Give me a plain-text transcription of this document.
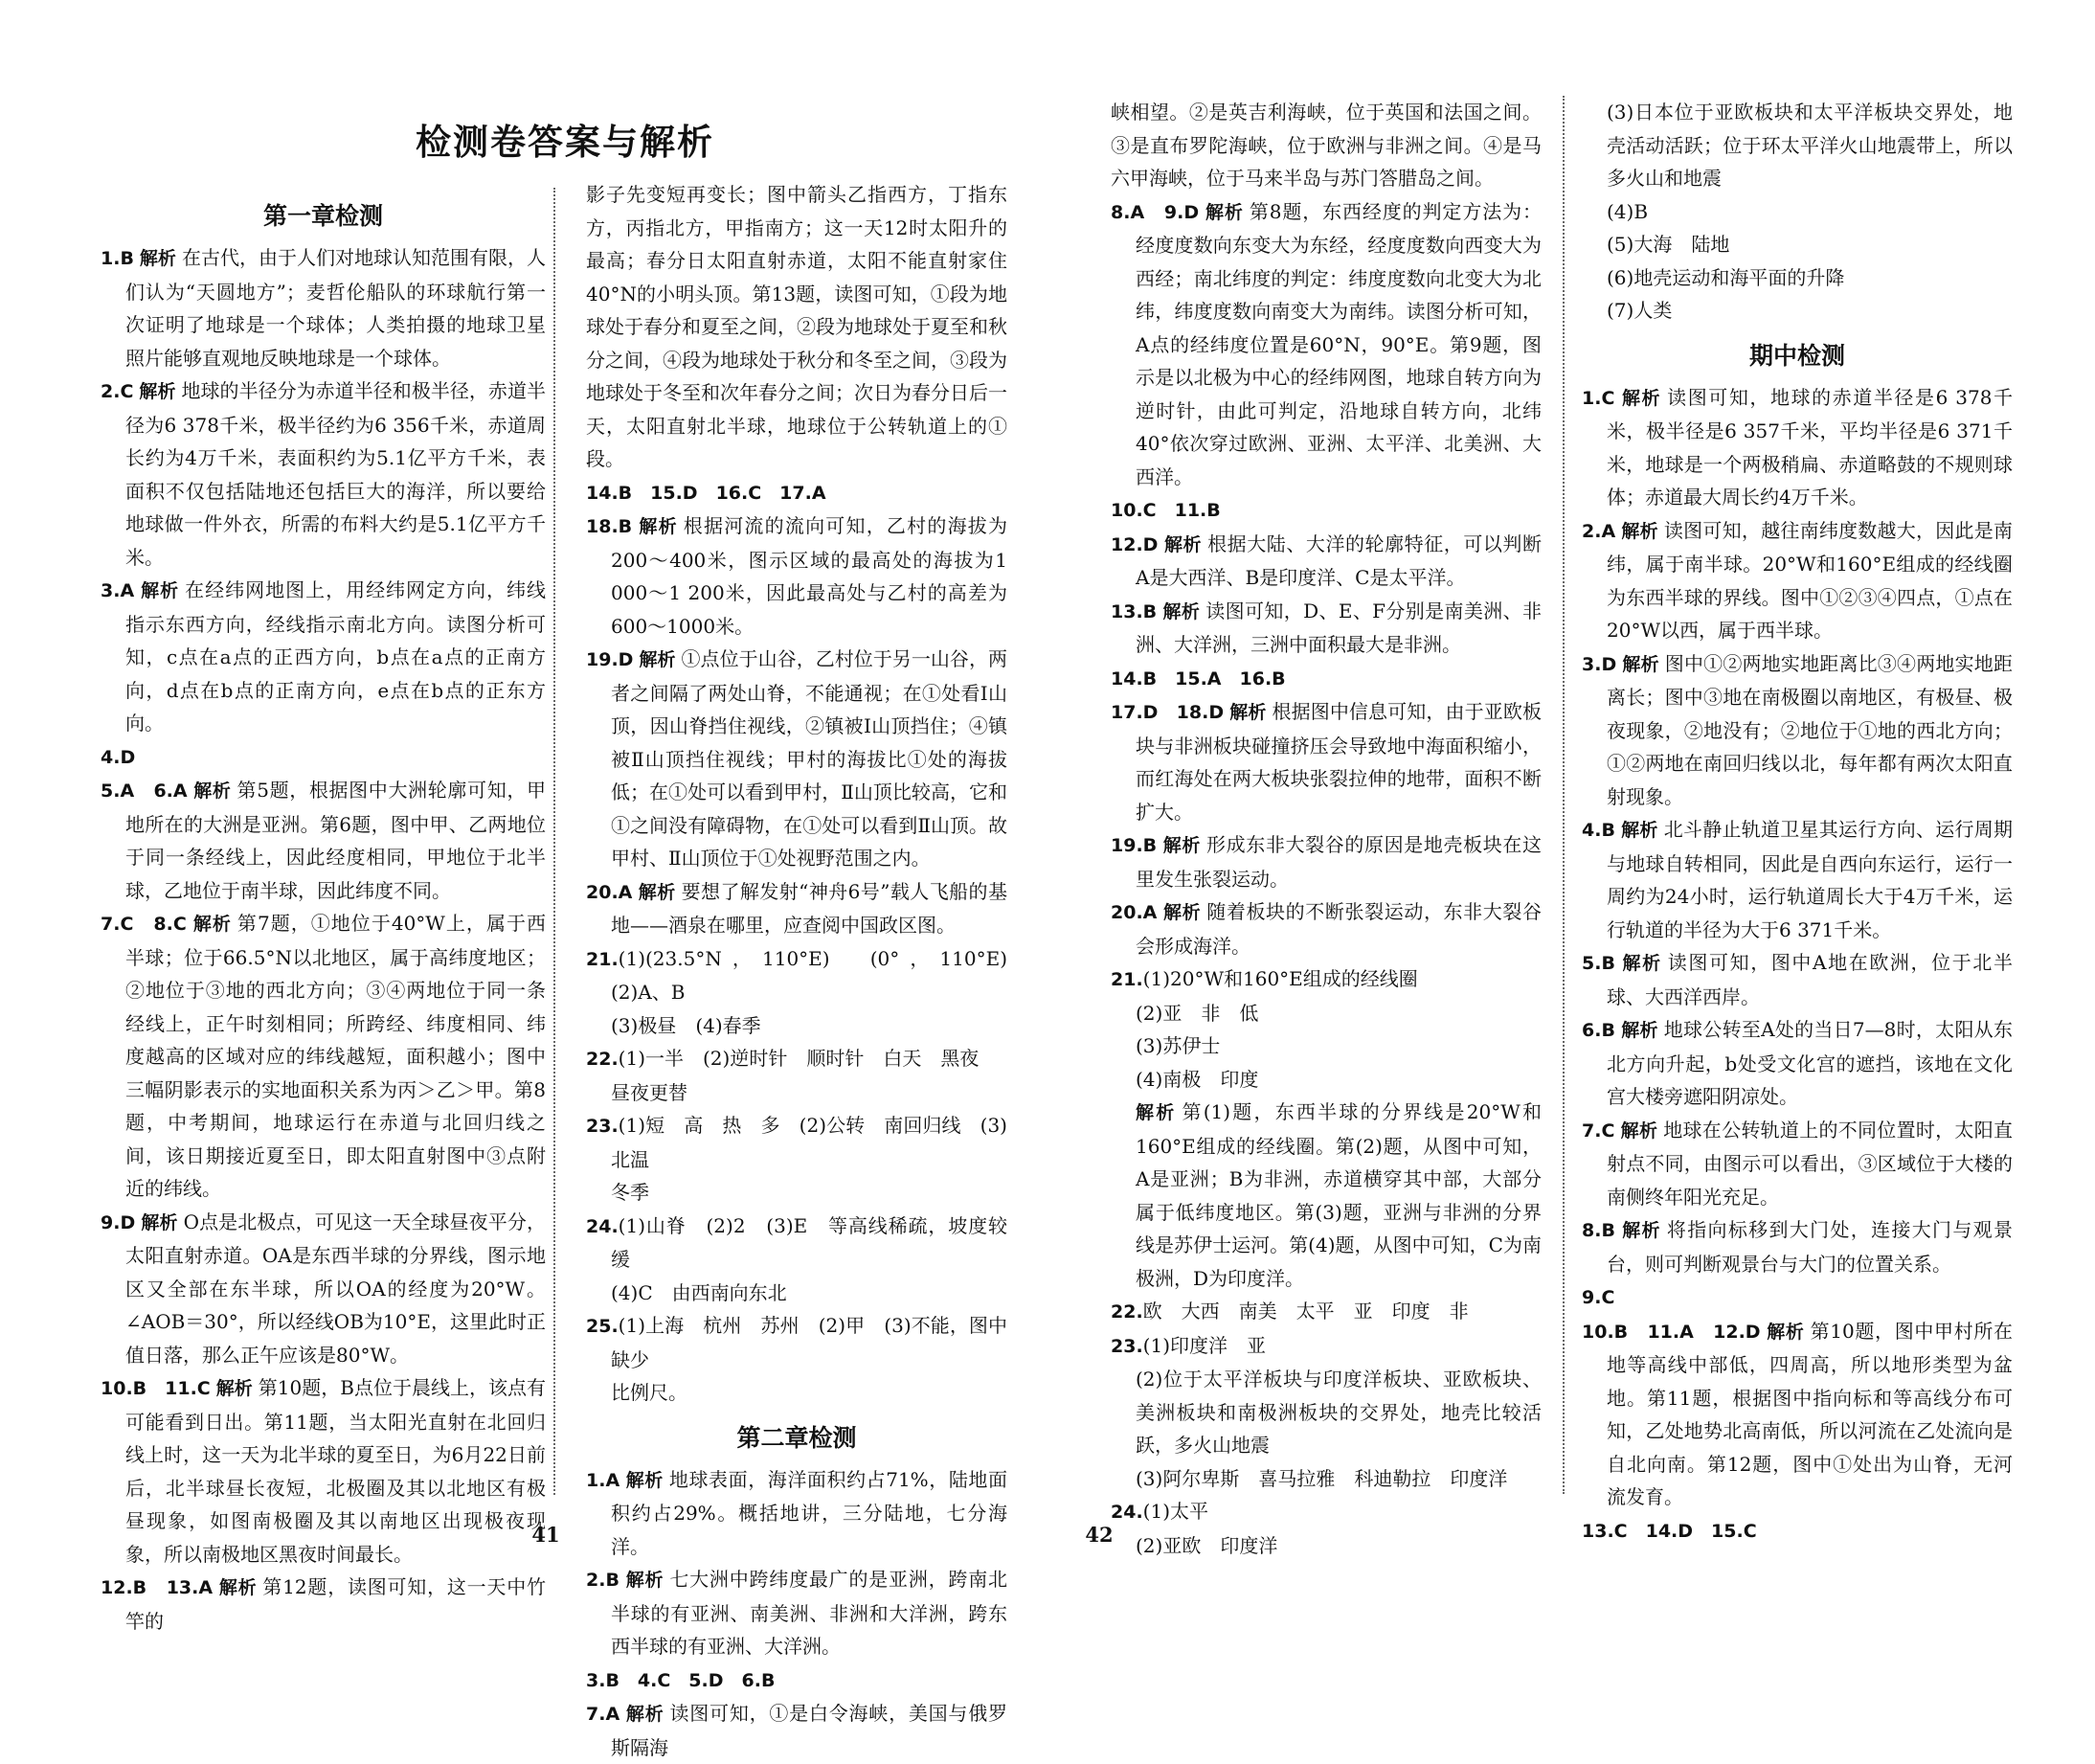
检测卷答案与解析
第一章检测

1.B 解析 在古代，由于人们对地球认知范围有限，人们认为“天圆地方”；麦哲伦船队的环球航行第一次证明了地球是一个球体；人类拍摄的地球卫星照片能够直观地反映地球是一个球体。

2.C 解析 地球的半径分为赤道半径和极半径，赤道半径为6 378千米，极半径约为6 356千米，赤道周长约为4万千米，表面积约为5.1亿平方千米，表面积不仅包括陆地还包括巨大的海洋，所以要给地球做一件外衣，所需的布料大约是5.1亿平方千米。

3.A 解析 在经纬网地图上，用经纬网定方向，纬线指示东西方向，经线指示南北方向。读图分析可知，c点在a点的正西方向，b点在a点的正南方向，d点在b点的正南方向，e点在b点的正东方向。

4.D

5.A　6.A 解析 第5题，根据图中大洲轮廓可知，甲地所在的大洲是亚洲。第6题，图中甲、乙两地位于同一条经线上，因此经度相同，甲地位于北半球，乙地位于南半球，因此纬度不同。

7.C　8.C 解析 第7题，①地位于40°W上，属于西半球；位于66.5°N以北地区，属于高纬度地区；②地位于③地的西北方向；③④两地位于同一条经线上，正午时刻相同；所跨经、纬度相同、纬度越高的区域对应的纬线越短，面积越小；图中三幅阴影表示的实地面积关系为丙＞乙＞甲。第8题，中考期间，地球运行在赤道与北回归线之间，该日期接近夏至日，即太阳直射图中③点附近的纬线。

9.D 解析 O点是北极点，可见这一天全球昼夜平分，太阳直射赤道。OA是东西半球的分界线，图示地区又全部在东半球，所以OA的经度为20°W。∠AOB＝30°，所以经线OB为10°E，这里此时正值日落，那么正午应该是80°W。

10.B　11.C 解析 第10题，B点位于晨线上，该点有可能看到日出。第11题，当太阳光直射在北回归线上时，这一天为北半球的夏至日，为6月22日前后，北半球昼长夜短，北极圈及其以北地区有极昼现象，如图南极圈及其以南地区出现极夜现象，所以南极地区黑夜时间最长。

12.B　13.A 解析 第12题，读图可知，这一天中竹竿的

影子先变短再变长；图中箭头乙指西方，丁指东方，丙指北方，甲指南方；这一天12时太阳升的最高；春分日太阳直射赤道，太阳不能直射家住40°N的小明头顶。第13题，读图可知，①段为地球处于春分和夏至之间，②段为地球处于夏至和秋分之间，④段为地球处于秋分和冬至之间，③段为地球处于冬至和次年春分之间；次日为春分日后一天，太阳直射北半球，地球位于公转轨道上的①段。

14.B　15.D　16.C　17.A

18.B 解析 根据河流的流向可知，乙村的海拔为200～400米，图示区域的最高处的海拔为1 000～1 200米，因此最高处与乙村的高差为600～1000米。

19.D 解析 ①点位于山谷，乙村位于另一山谷，两者之间隔了两处山脊，不能通视；在①处看Ⅰ山顶，因山脊挡住视线，②镇被Ⅰ山顶挡住；④镇被Ⅱ山顶挡住视线；甲村的海拔比①处的海拔低；在①处可以看到甲村，Ⅱ山顶比较高，它和①之间没有障碍物，在①处可以看到Ⅱ山顶。故甲村、Ⅱ山顶位于①处视野范围之内。

20.A 解析 要想了解发射“神舟6号”载人飞船的基地——酒泉在哪里，应查阅中国政区图。

21.(1)(23.5°N，110°E)　(0°，110°E)　(2)A、B

(3)极昼　(4)春季

22.(1)一半　(2)逆时针　顺时针　白天　黑夜

昼夜更替

23.(1)短　高　热　多　(2)公转　南回归线　(3)北温

冬季

24.(1)山脊　(2)2　(3)E　等高线稀疏，坡度较缓

(4)C　由西南向东北

25.(1)上海　杭州　苏州　(2)甲　(3)不能，图中缺少

比例尺。

第二章检测

1.A 解析 地球表面，海洋面积约占71%，陆地面积约占29%。概括地讲，三分陆地，七分海洋。

2.B 解析 七大洲中跨纬度最广的是亚洲，跨南北半球的有亚洲、南美洲、非洲和大洋洲，跨东西半球的有亚洲、大洋洲。

3.B　4.C　5.D　6.B

7.A 解析 读图可知，①是白令海峡，美国与俄罗斯隔海

41

峡相望。②是英吉利海峡，位于英国和法国之间。③是直布罗陀海峡，位于欧洲与非洲之间。④是马六甲海峡，位于马来半岛与苏门答腊岛之间。

8.A　9.D 解析 第8题，东西经度的判定方法为：经度度数向东变大为东经，经度度数向西变大为西经；南北纬度的判定：纬度度数向北变大为北纬，纬度度数向南变大为南纬。读图分析可知，A点的经纬度位置是60°N，90°E。第9题，图示是以北极为中心的经纬网图，地球自转方向为逆时针，由此可判定，沿地球自转方向，北纬40°依次穿过欧洲、亚洲、太平洋、北美洲、大西洋。

10.C　11.B

12.D 解析 根据大陆、大洋的轮廓特征，可以判断A是大西洋、B是印度洋、C是太平洋。

13.B 解析 读图可知，D、E、F分别是南美洲、非洲、大洋洲，三洲中面积最大是非洲。

14.B　15.A　16.B

17.D　18.D 解析 根据图中信息可知，由于亚欧板块与非洲板块碰撞挤压会导致地中海面积缩小，而红海处在两大板块张裂拉伸的地带，面积不断扩大。

19.B 解析 形成东非大裂谷的原因是地壳板块在这里发生张裂运动。

20.A 解析 随着板块的不断张裂运动，东非大裂谷会形成海洋。

21.(1)20°W和160°E组成的经线圈

(2)亚　非　低

(3)苏伊士

(4)南极　印度

解析 第(1)题，东西半球的分界线是20°W和160°E组成的经线圈。第(2)题，从图中可知，A是亚洲；B为非洲，赤道横穿其中部，大部分属于低纬度地区。第(3)题，亚洲与非洲的分界线是苏伊士运河。第(4)题，从图中可知，C为南极洲，D为印度洋。

22.欧　大西　南美　太平　亚　印度　非

23.(1)印度洋　亚

(2)位于太平洋板块与印度洋板块、亚欧板块、美洲板块和南极洲板块的交界处，地壳比较活跃，多火山地震

(3)阿尔卑斯　喜马拉雅　科迪勒拉　印度洋

24.(1)太平

(2)亚欧　印度洋

(3)日本位于亚欧板块和太平洋板块交界处，地壳活动活跃；位于环太平洋火山地震带上，所以多火山和地震

(4)B

(5)大海　陆地

(6)地壳运动和海平面的升降

(7)人类

期中检测

1.C 解析 读图可知，地球的赤道半径是6 378千米，极半径是6 357千米，平均半径是6 371千米，地球是一个两极稍扁、赤道略鼓的不规则球体；赤道最大周长约4万千米。

2.A 解析 读图可知，越往南纬度数越大，因此是南纬，属于南半球。20°W和160°E组成的经线圈为东西半球的界线。图中①②③④四点，①点在20°W以西，属于西半球。

3.D 解析 图中①②两地实地距离比③④两地实地距离长；图中③地在南极圈以南地区，有极昼、极夜现象，②地没有；②地位于①地的西北方向；①②两地在南回归线以北，每年都有两次太阳直射现象。

4.B 解析 北斗静止轨道卫星其运行方向、运行周期与地球自转相同，因此是自西向东运行，运行一周约为24小时，运行轨道周长大于4万千米，运行轨道的半径为大于6 371千米。

5.B 解析 读图可知，图中A地在欧洲，位于北半球、大西洋西岸。

6.B 解析 地球公转至A处的当日7—8时，太阳从东北方向升起，b处受文化宫的遮挡，该地在文化宫大楼旁遮阳阴凉处。

7.C 解析 地球在公转轨道上的不同位置时，太阳直射点不同，由图示可以看出，③区域位于大楼的南侧终年阳光充足。

8.B 解析 将指向标移到大门处，连接大门与观景台，则可判断观景台与大门的位置关系。

9.C

10.B　11.A　12.D 解析 第10题，图中甲村所在地等高线中部低，四周高，所以地形类型为盆地。第11题，根据图中指向标和等高线分布可知，乙处地势北高南低，所以河流在乙处流向是自北向南。第12题，图中①处出为山脊，无河流发育。

13.C　14.D　15.C

42
